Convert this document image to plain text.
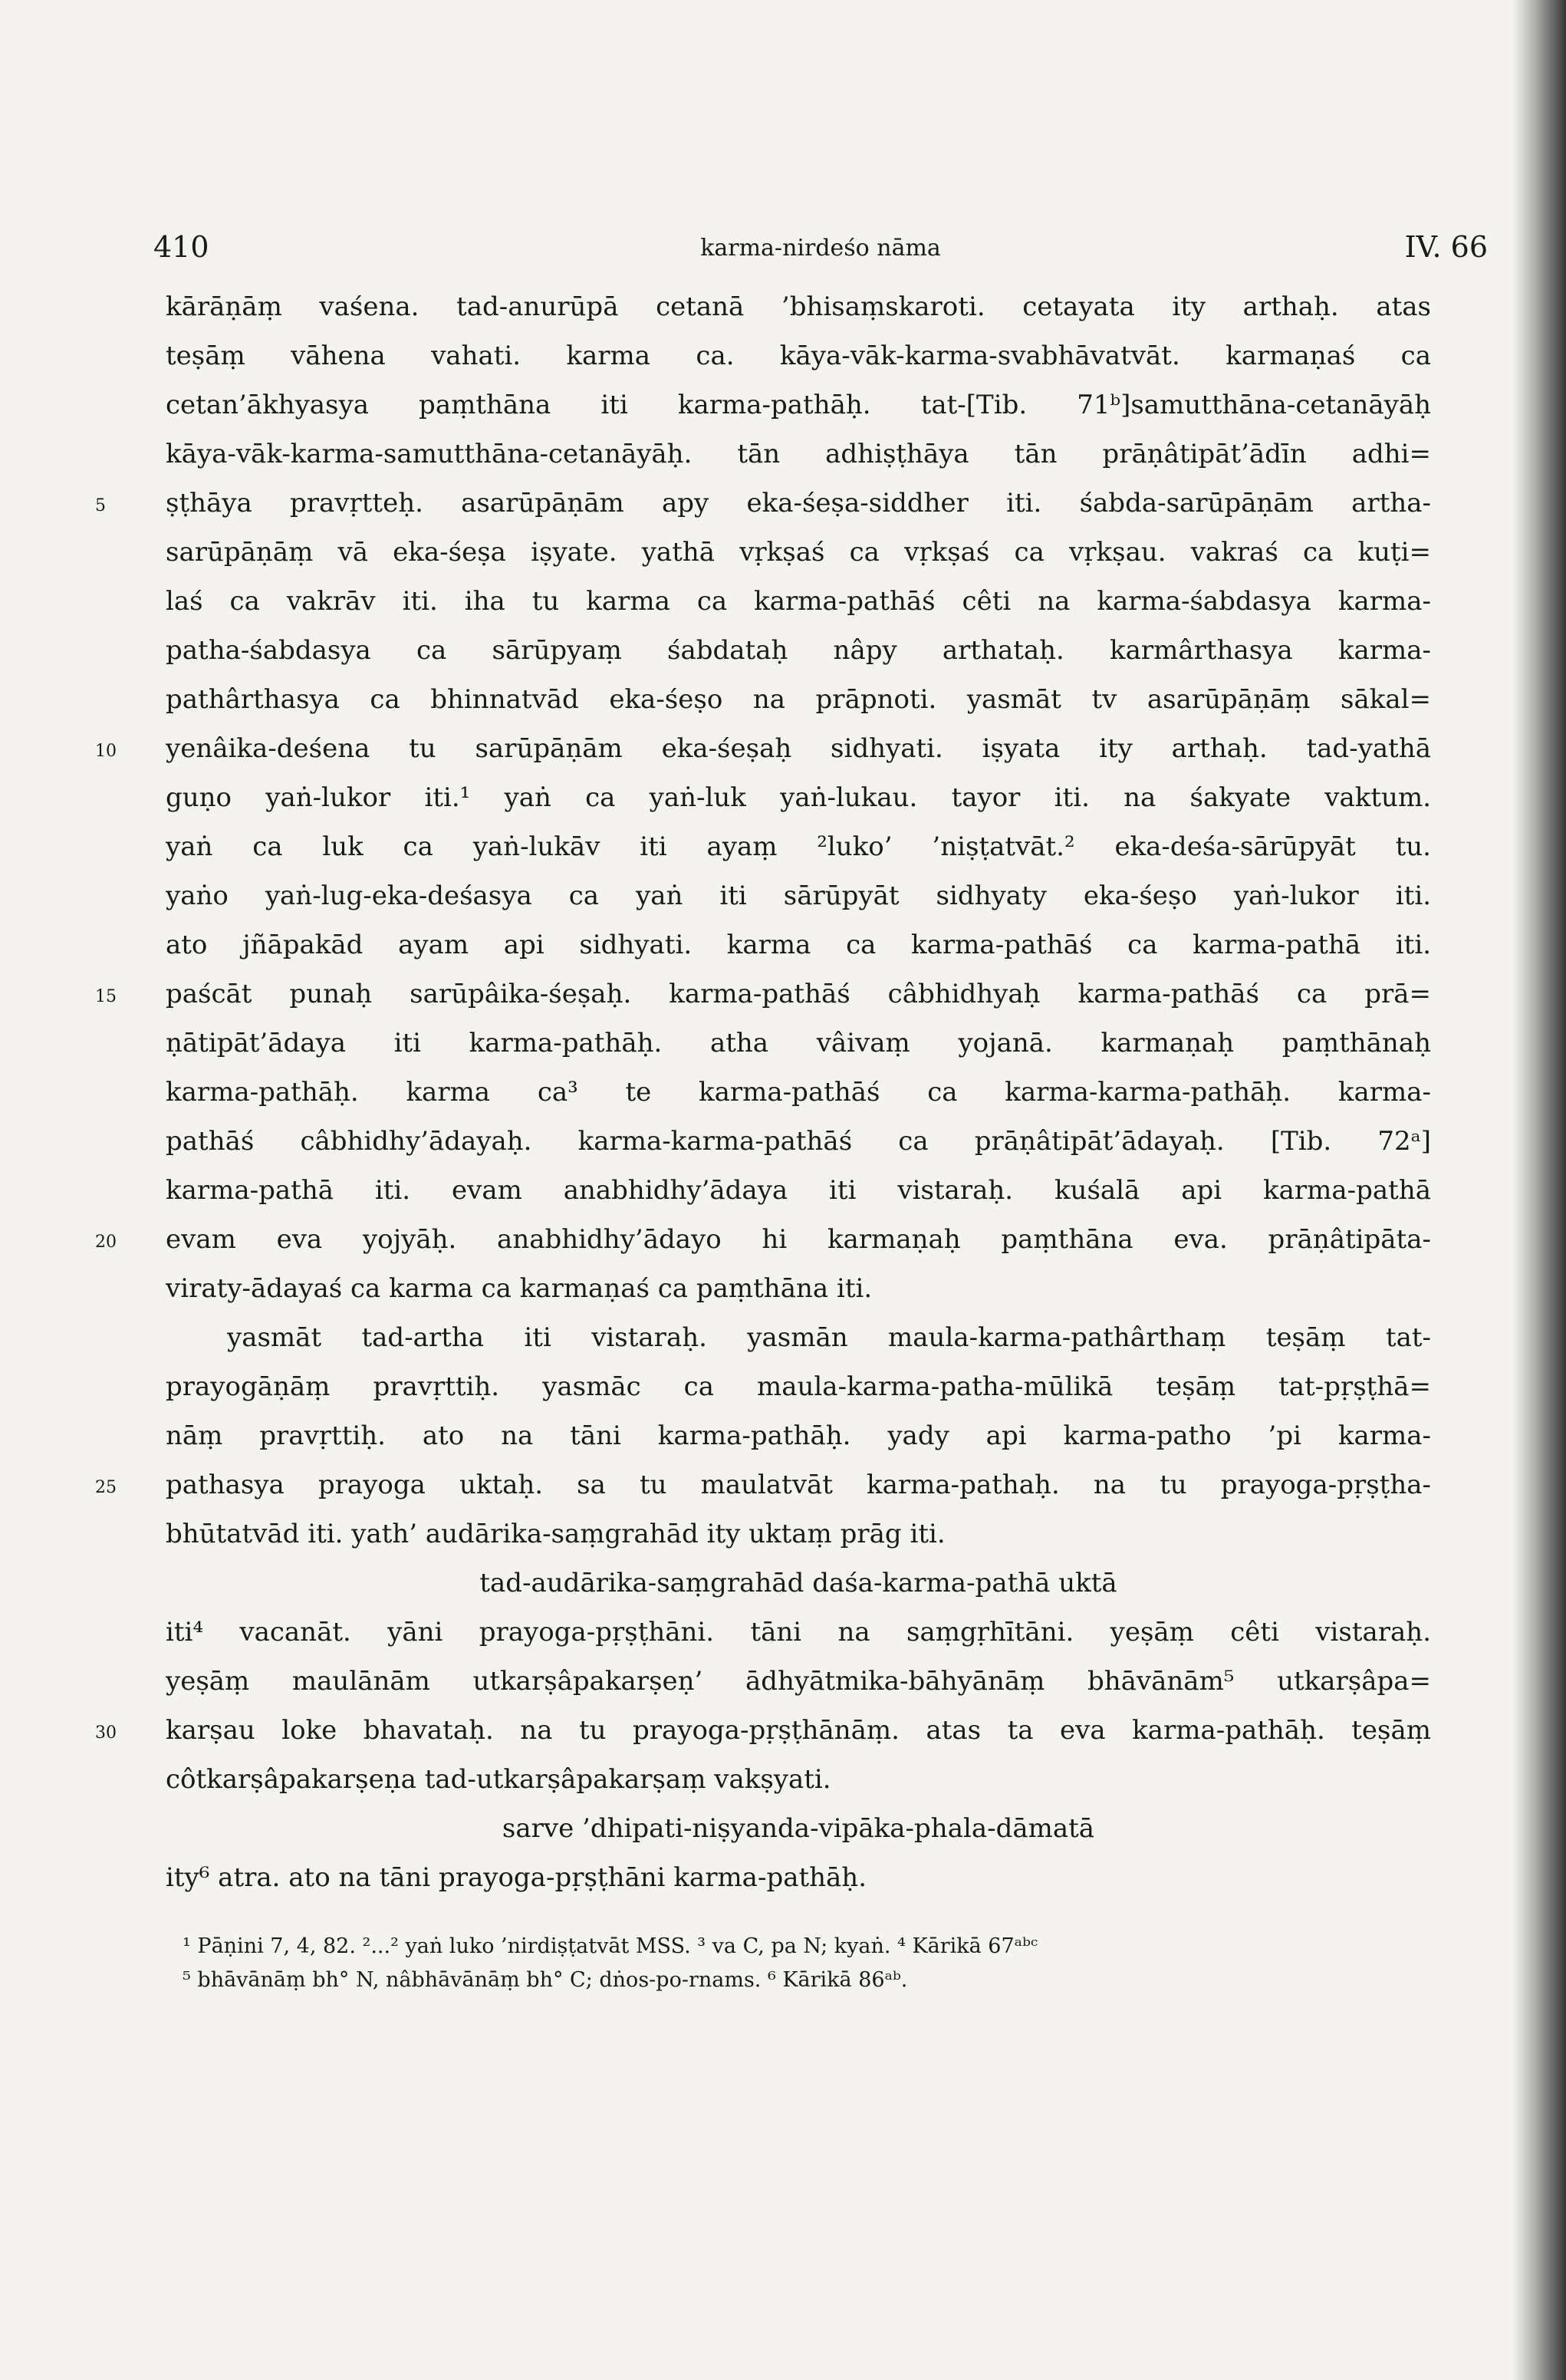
410	karma-nirdeśo nāma	IV. 66
kārāṇāṃ vaśena. tad-anurūpā cetanā ’bhisaṃskaroti. cetayata ity arthaḥ. atas
teṣāṃ vāhena vahati. karma ca. kāya-vāk-karma-svabhāvatvāt. karmaṇaś ca
cetan’ākhyasya paṃthāna iti karma-pathāḥ. tat-[Tib. 71ᵇ]samutthāna-cetanāyāḥ
kāya-vāk-karma-samutthāna-cetanāyāḥ. tān adhiṣṭhāya tān prāṇâtipāt’ādīn adhi=
5	ṣṭhāya pravṛtteḥ. asarūpāṇām apy eka-śeṣa-siddher iti. śabda-sarūpāṇām artha-
sarūpāṇāṃ vā eka-śeṣa iṣyate. yathā vṛkṣaś ca vṛkṣaś ca vṛkṣau. vakraś ca kuṭi=
laś ca vakrāv iti. iha tu karma ca karma-pathāś cêti na karma-śabdasya karma-
patha-śabdasya ca sārūpyaṃ śabdataḥ nâpy arthataḥ. karmârthasya karma-
pathârthasya ca bhinnatvād eka-śeṣo na prāpnoti. yasmāt tv asarūpāṇāṃ sākal=
10	yenâika-deśena tu sarūpāṇām eka-śeṣaḥ sidhyati. iṣyata ity arthaḥ. tad-yathā
guṇo yaṅ-lukor iti.¹ yaṅ ca yaṅ-luk yaṅ-lukau. tayor iti. na śakyate vaktum.
yaṅ ca luk ca yaṅ-lukāv iti ayaṃ ²luko’ ’niṣṭatvāt.² eka-deśa-sārūpyāt tu.
yaṅo yaṅ-lug-eka-deśasya ca yaṅ iti sārūpyāt sidhyaty eka-śeṣo yaṅ-lukor iti.
ato jñāpakād ayam api sidhyati. karma ca karma-pathāś ca karma-pathā iti.
15	paścāt punaḥ sarūpâika-śeṣaḥ. karma-pathāś câbhidhyaḥ karma-pathāś ca prā=
ṇātipāt’ādaya iti karma-pathāḥ. atha vâivaṃ yojanā. karmaṇaḥ paṃthānaḥ
karma-pathāḥ. karma ca³ te karma-pathāś ca karma-karma-pathāḥ. karma-
pathāś câbhidhy’ādayaḥ. karma-karma-pathāś ca prāṇâtipāt’ādayaḥ. [Tib. 72ᵃ]
karma-pathā iti. evam anabhidhy’ādaya iti vistaraḥ. kuśalā api karma-pathā
20	evam eva yojyāḥ. anabhidhy’ādayo hi karmaṇaḥ paṃthāna eva. prāṇâtipāta-
viraty-ādayaś ca karma ca karmaṇaś ca paṃthāna iti.
yasmāt tad-artha iti vistaraḥ. yasmān maula-karma-pathârthaṃ teṣāṃ tat-
prayogāṇāṃ pravṛttiḥ. yasmāc ca maula-karma-patha-mūlikā teṣāṃ tat-pṛṣṭhā=
nāṃ pravṛttiḥ. ato na tāni karma-pathāḥ. yady api karma-patho ’pi karma-
25	pathasya prayoga uktaḥ. sa tu maulatvāt karma-pathaḥ. na tu prayoga-pṛṣṭha-
bhūtatvād iti. yath’ audārika-saṃgrahād ity uktaṃ prāg iti.
tad-audārika-saṃgrahād daśa-karma-pathā uktā
iti⁴ vacanāt. yāni prayoga-pṛṣṭhāni. tāni na saṃgṛhītāni. yeṣāṃ cêti vistaraḥ.
yeṣāṃ maulānām utkarṣâpakarṣeṇ’ ādhyātmika-bāhyānāṃ bhāvānām⁵ utkarṣâpa=
30	karṣau loke bhavataḥ. na tu prayoga-pṛṣṭhānāṃ. atas ta eva karma-pathāḥ. teṣāṃ
côtkarṣâpakarṣeṇa tad-utkarṣâpakarṣaṃ vakṣyati.
sarve ’dhipati-niṣyanda-vipāka-phala-dāmatā
ity⁶ atra. ato na tāni prayoga-pṛṣṭhāni karma-pathāḥ.
¹ Pāṇini 7, 4, 82. ²...² yaṅ luko ’nirdiṣṭatvāt MSS. ³ va C, pa N; kyaṅ. ⁴ Kārikā 67ᵃᵇᶜ
⁵ bhāvānāṃ bh° N, nâbhāvānāṃ bh° C; dṅos-po-rnams. ⁶ Kārikā 86ᵃᵇ.
